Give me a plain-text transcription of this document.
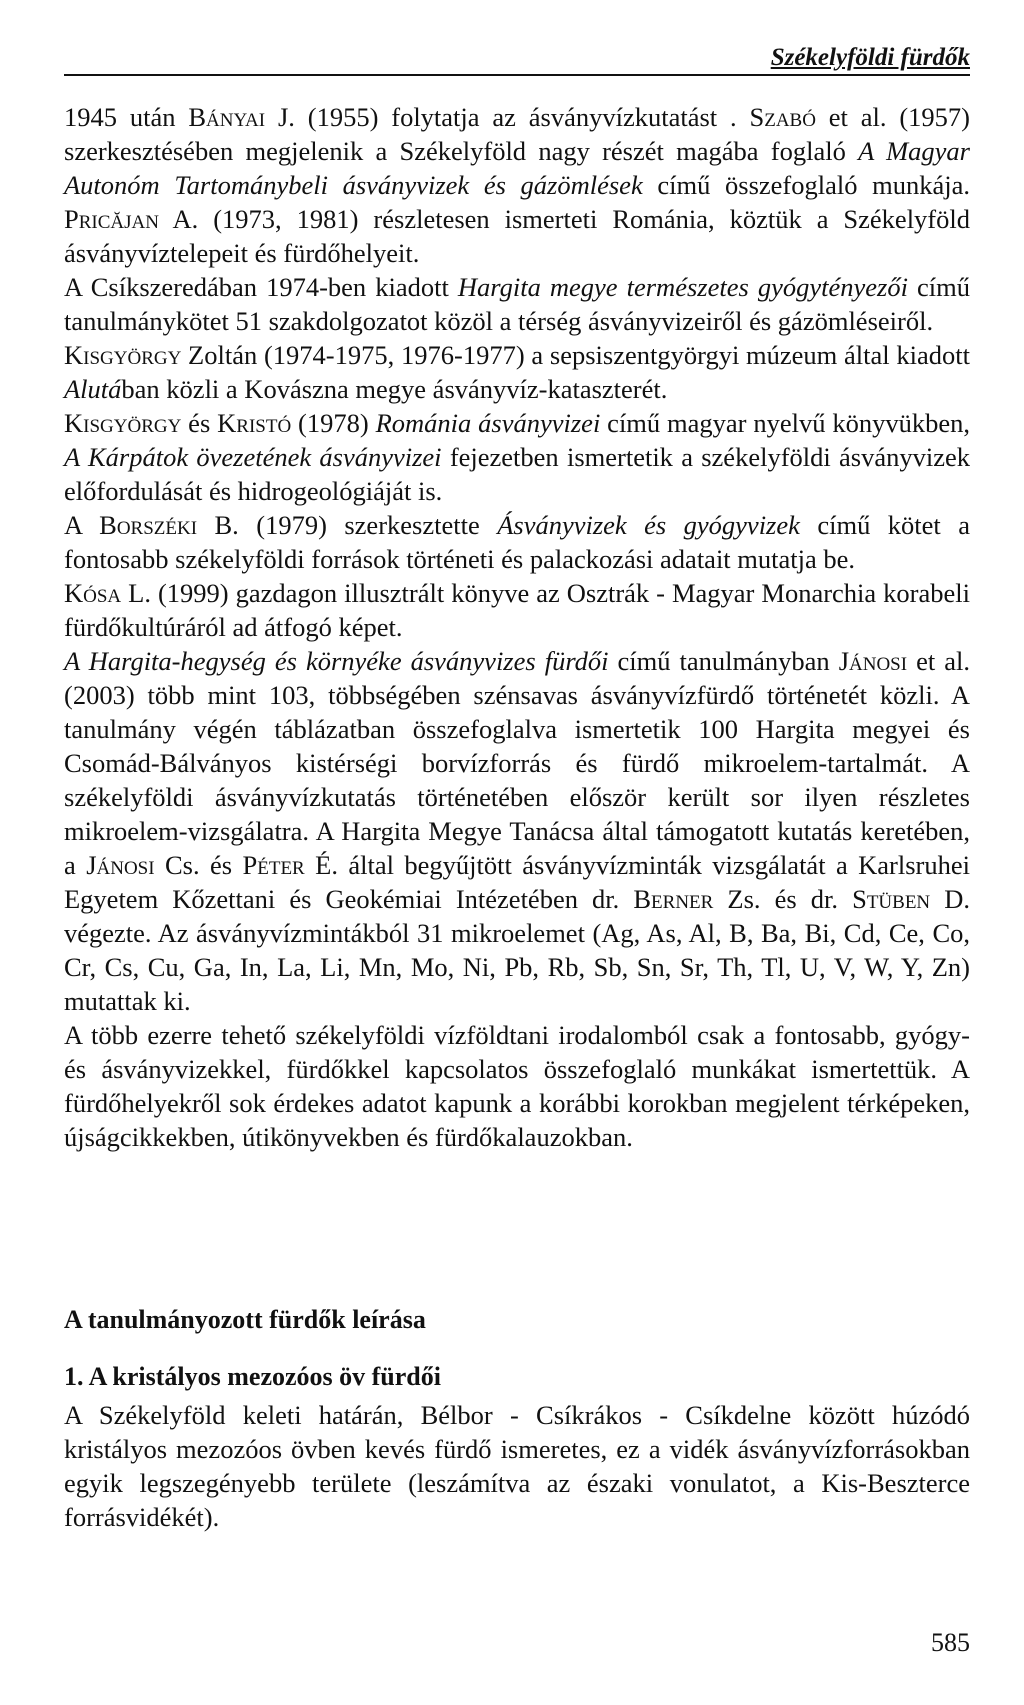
Székelyföldi fürdők

1945 után Bányai J. (1955) folytatja az ásványvízkutatást . Szabó et al. (1957) szerkesztésében megjelenik a Székelyföld nagy részét magába foglaló A Magyar Autonóm Tartománybeli ásványvizek és gázömlések című összefoglaló munkája. Pricăjan A. (1973, 1981) részletesen ismerteti Románia, köztük a Székelyföld ásványvíztelepeit és fürdőhelyeit.

A Csíkszeredában 1974-ben kiadott Hargita megye természetes gyógytényezői című tanulmánykötet 51 szakdolgozatot közöl a térség ásványvizeiről és gázömléseiről.

Kisgyörgy Zoltán (1974-1975, 1976-1977) a sepsiszentgyörgyi múzeum által kiadott Alutában közli a Kovászna megye ásványvíz-kataszterét.

Kisgyörgy és Kristó (1978) Románia ásványvizei című magyar nyelvű könyvükben, A Kárpátok övezetének ásványvizei fejezetben ismertetik a székelyföldi ásványvizek előfordulását és hidrogeológiáját is.

A Borszéki B. (1979) szerkesztette Ásványvizek és gyógyvizek című kötet a fontosabb székelyföldi források történeti és palackozási adatait mutatja be.

Kósa L. (1999) gazdagon illusztrált könyve az Osztrák - Magyar Monarchia korabeli fürdőkultúráról ad átfogó képet.

A Hargita-hegység és környéke ásványvizes fürdői című tanulmányban Jánosi et al. (2003) több mint 103, többségében szénsavas ásványvízfürdő történetét közli. A tanulmány végén táblázatban összefoglalva ismertetik 100 Hargita megyei és Csomád-Bálványos kistérségi borvízforrás és fürdő mikroelem-tartalmát. A székelyföldi ásványvízkutatás történetében először került sor ilyen részletes mikroelem-vizsgálatra. A Hargita Megye Tanácsa által támogatott kutatás keretében, a Jánosi Cs. és Péter É. által begyűjtött ásványvízminták vizsgálatát a Karlsruhei Egyetem Kőzettani és Geokémiai Intézetében dr. Berner Zs. és dr. Stüben D. végezte. Az ásványvízmintákból 31 mikroelemet (Ag, As, Al, B, Ba, Bi, Cd, Ce, Co, Cr, Cs, Cu, Ga, In, La, Li, Mn, Mo, Ni, Pb, Rb, Sb, Sn, Sr, Th, Tl, U, V, W, Y, Zn) mutattak ki.

A több ezerre tehető székelyföldi vízföldtani irodalomból csak a fontosabb, gyógy- és ásványvizekkel, fürdőkkel kapcsolatos összefoglaló munkákat ismertettük. A fürdőhelyekről sok érdekes adatot kapunk a korábbi korokban megjelent térképeken, újságcikkekben, útikönyvekben és fürdőkalauzokban.

A tanulmányozott fürdők leírása
1. A kristályos mezozóos öv fürdői
A Székelyföld keleti határán, Bélbor - Csíkrákos - Csíkdelne között húzódó kristályos mezozóos övben kevés fürdő ismeretes, ez a vidék ásványvízforrásokban egyik legszegényebb területe (leszámítva az északi vonulatot, a Kis-Beszterce forrásvidékét).
585
